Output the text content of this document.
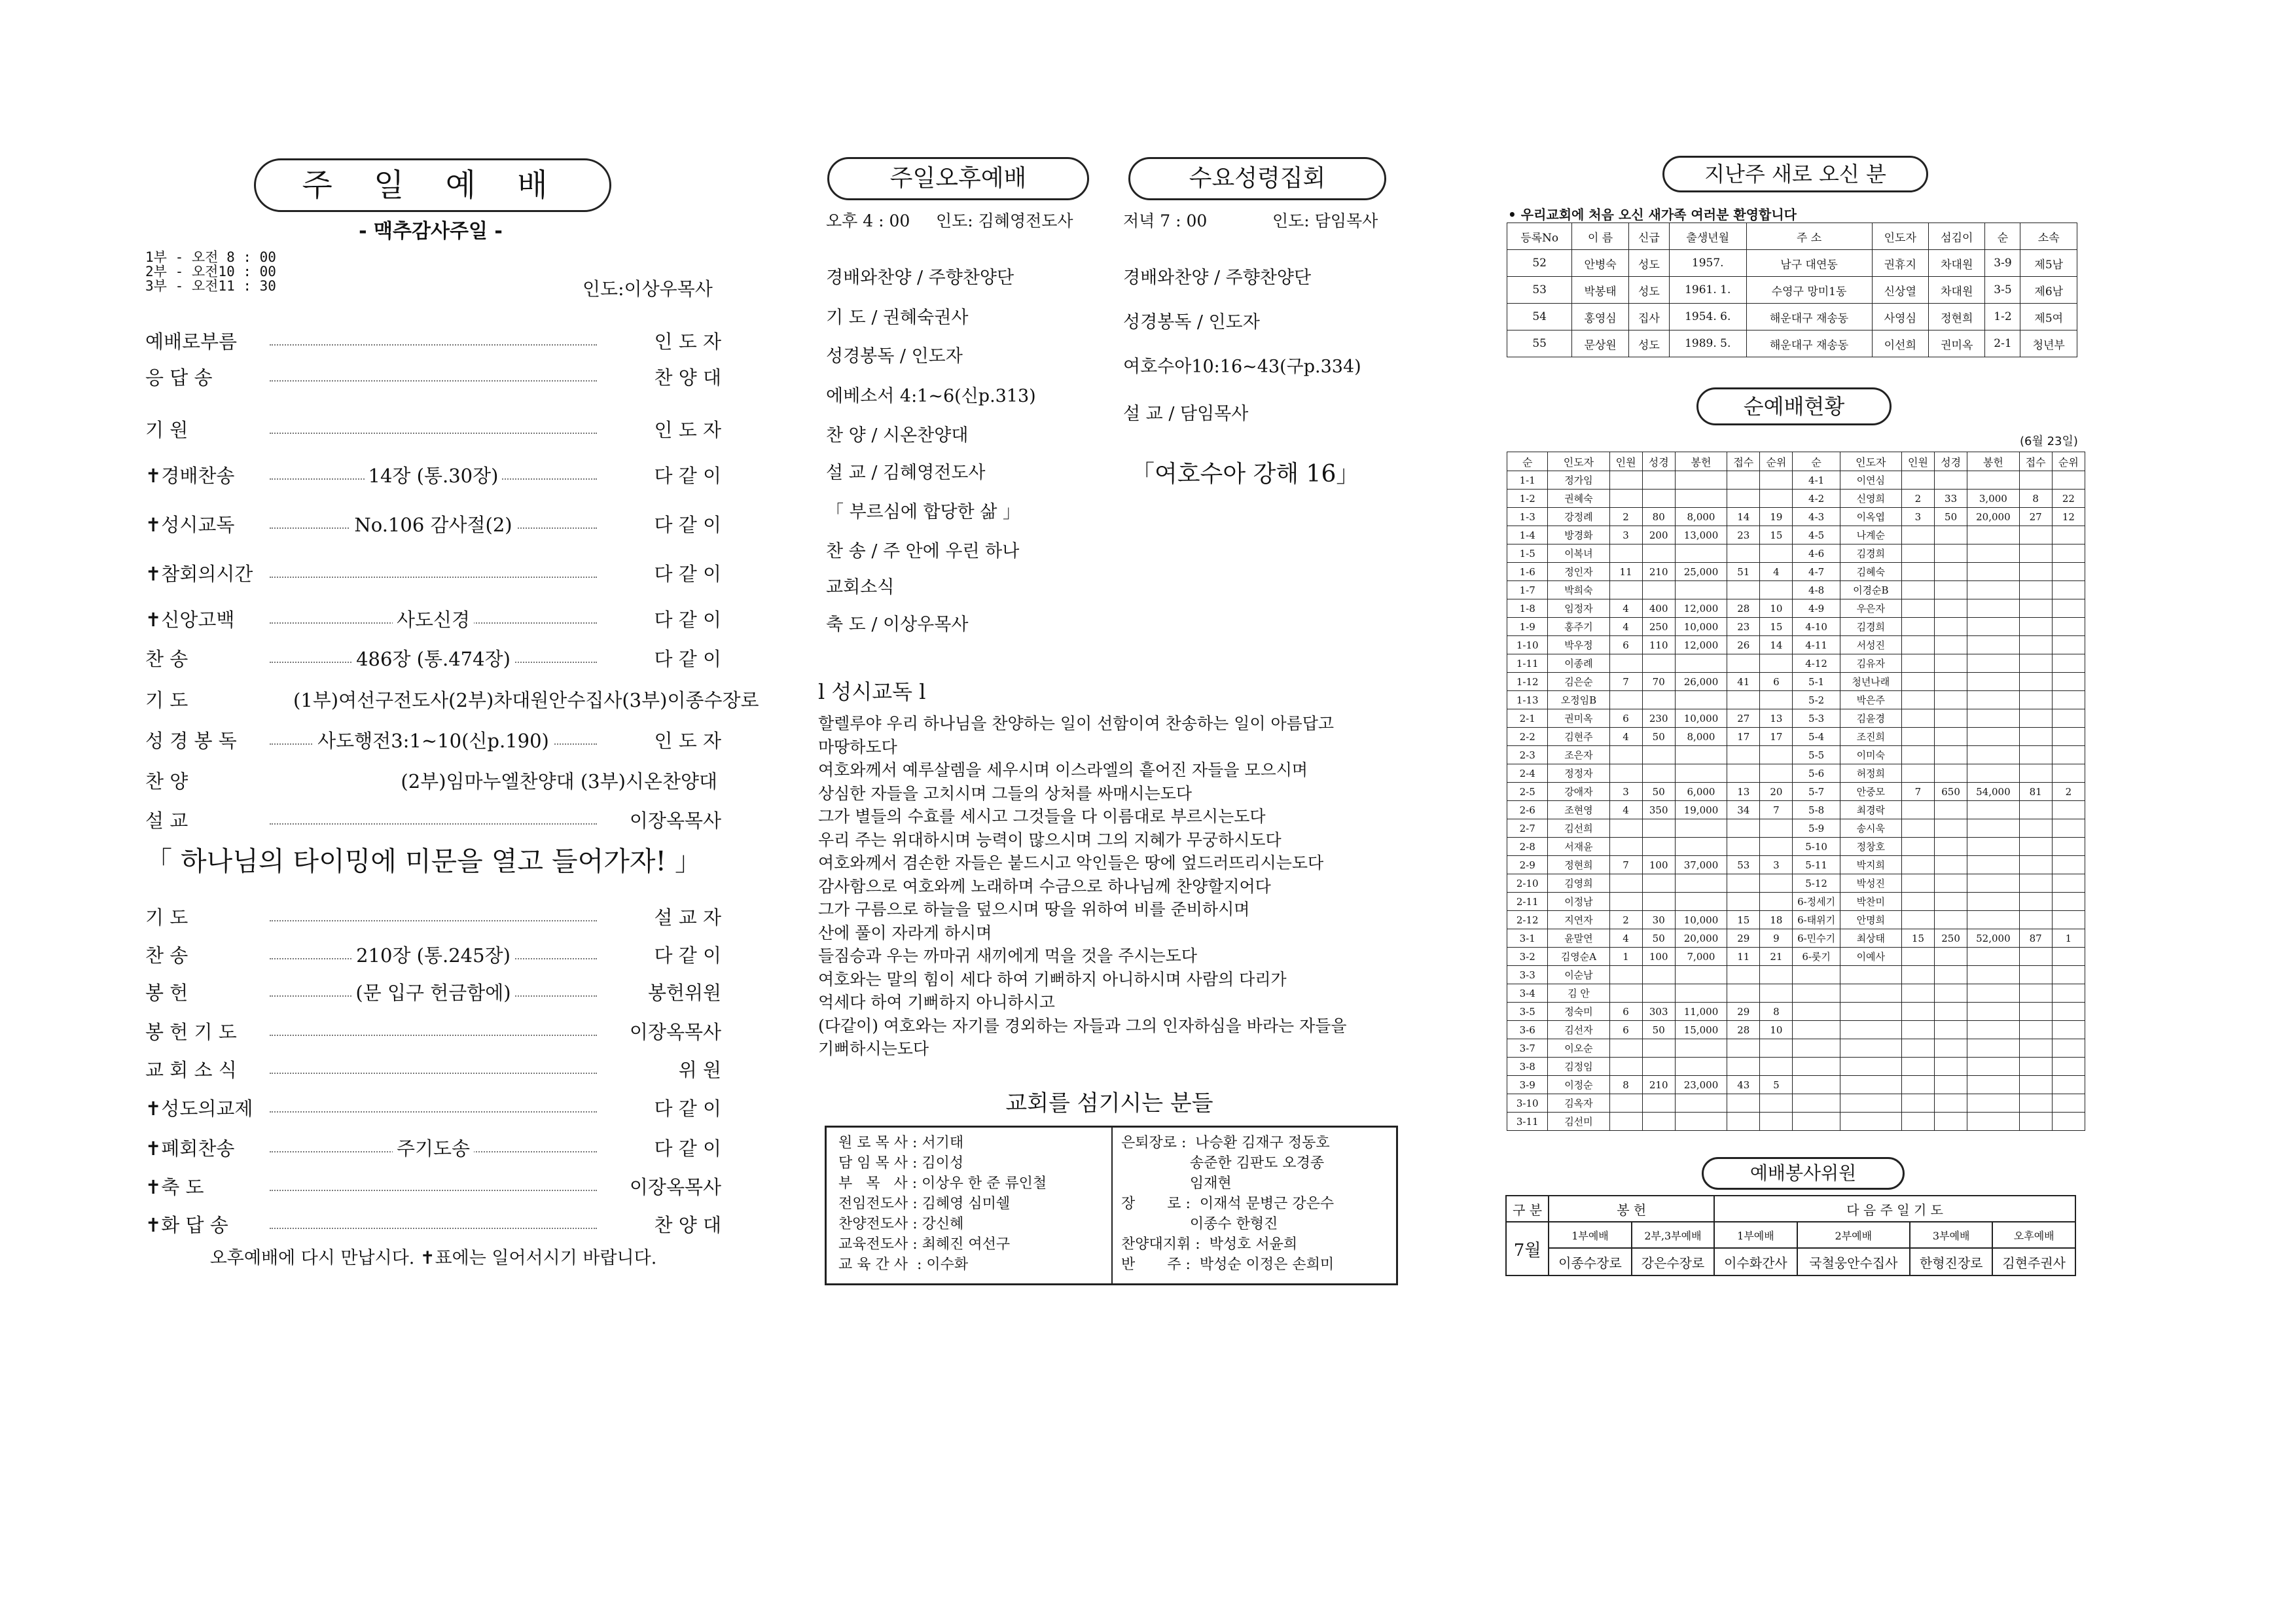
주 일 예 배
- 맥추감사주일 -
1부 - 오전 8 : 00
2부 - 오전10 : 00
3부 - 오전11 : 30	인도:이상우목사
예배로부름	인 도 자
응 답 송	찬 양 대
기 원	인 도 자
✝경배찬송	14장 (통.30장)	다 같 이
✝성시교독	No.106 감사절(2)	다 같 이
✝참회의시간	다 같 이
✝신앙고백	사도신경	다 같 이
찬 송	486장 (통.474장)	다 같 이
기 도	(1부)여선구전도사(2부)차대원안수집사(3부)이종수장로
성 경 봉 독	사도행전3:1~10(신p.190)	인 도 자
찬 양	(2부)임마누엘찬양대 (3부)시온찬양대
설 교	이장옥목사
「 하나님의 타이밍에 미문을 열고 들어가자! 」
기 도	설 교 자
찬 송	210장 (통.245장)	다 같 이
봉 헌	(문 입구 헌금함에)	봉헌위원
봉 헌 기 도	이장옥목사
교 회 소 식	위 원
✝성도의교제	다 같 이
✝폐회찬송	주기도송	다 같 이
✝축 도	이장옥목사
✝화 답 송	찬 양 대
오후예배에 다시 만납시다. ✝표에는 일어서시기 바랍니다.
주일오후예배	수요성령집회
오후 4 : 00 인도: 김혜영전도사	저녁 7 : 00	인도: 담임목사
경배와찬양 / 주향찬양단
기 도 / 권혜숙권사
성경봉독 / 인도자
에베소서 4:1~6(신p.313)
찬 양 / 시온찬양대
설 교 / 김혜영전도사
「 부르심에 합당한 삶 」
찬 송 / 주 안에 우린 하나
교회소식
축 도 / 이상우목사
경배와찬양 / 주향찬양단
성경봉독 / 인도자
여호수아10:16~43(구p.334)
설 교 / 담임목사
「여호수아 강해 16」
l 성시교독 l
할렐루야 우리 하나님을 찬양하는 일이 선함이여 찬송하는 일이 아름답고
마땅하도다
여호와께서 예루살렘을 세우시며 이스라엘의 흩어진 자들을 모으시며
상심한 자들을 고치시며 그들의 상처를 싸매시는도다
그가 별들의 수효를 세시고 그것들을 다 이름대로 부르시는도다
우리 주는 위대하시며 능력이 많으시며 그의 지혜가 무궁하시도다
여호와께서 겸손한 자들은 붙드시고 악인들은 땅에 엎드러뜨리시는도다
감사함으로 여호와께 노래하며 수금으로 하나님께 찬양할지어다
그가 구름으로 하늘을 덮으시며 땅을 위하여 비를 준비하시며
산에 풀이 자라게 하시며
들짐승과 우는 까마귀 새끼에게 먹을 것을 주시는도다
여호와는 말의 힘이 세다 하여 기뻐하지 아니하시며 사람의 다리가
억세다 하여 기뻐하지 아니하시고
(다같이) 여호와는 자기를 경외하는 자들과 그의 인자하심을 바라는 자들을
기뻐하시는도다
교회를 섬기시는 분들
원 로 목 사 : 서기태
담 임 목 사 : 김이성
부   목   사 : 이상우 한 준 류인철
전임전도사 : 김혜영 심미쉘
찬양전도사 : 강신혜
교육전도사 : 최혜진 여선구
교 육 간 사  : 이수화
은퇴장로 :  나승환 김재구 정동호
송준한 김판도 오경종
임재현
장       로 :  이재석 문병근 강은수
이종수 한형진
찬양대지휘 :  박성호 서윤희
반       주 :  박성순 이정은 손희미
지난주 새로 오신 분
• 우리교회에 처음 오신 새가족 여러분 환영합니다
등록No	이 름	신급	출생년월	주 소	인도자	섬김이	순	소속
52	안병숙	성도	1957.	남구 대연동	권휴지	차대원	3-9	제5남
53	박봉태	성도	1961. 1.	수영구 망미1동	신상열	차대원	3-5	제6남
54	홍영심	집사	1954. 6.	해운대구 재송동	사영심	정현희	1-2	제5여
55	문상원	성도	1989. 5.	해운대구 재송동	이선희	권미옥	2-1	청년부
순예배현황
(6월 23일)
순	인도자	인원	성경	봉헌	접수	순위	순	인도자	인원	성경	봉헌	접수	순위
1-1	정가임						4-1	이연심					
1-2	권혜숙						4-2	신영희	2	33	3,000	8	22
1-3	강정례	2	80	8,000	14	19	4-3	이옥엽	3	50	20,000	27	12
1-4	방경화	3	200	13,000	23	15	4-5	나계순					
1-5	이복녀						4-6	김경희					
1-6	정인자	11	210	25,000	51	4	4-7	김혜숙					
1-7	박희숙						4-8	이경순B					
1-8	임정자	4	400	12,000	28	10	4-9	우은자					
1-9	홍주기	4	250	10,000	23	15	4-10	김경희					
1-10	박우정	6	110	12,000	26	14	4-11	서성진					
1-11	이종례						4-12	김유자					
1-12	김은순	7	70	26,000	41	6	5-1	청년나래					
1-13	오정임B						5-2	박은주					
2-1	권미옥	6	230	10,000	27	13	5-3	김윤경					
2-2	김현주	4	50	8,000	17	17	5-4	조진희					
2-3	조은자						5-5	이미숙					
2-4	정정자						5-6	허정희					
2-5	강애자	3	50	6,000	13	20	5-7	안중모	7	650	54,000	81	2
2-6	조현영	4	350	19,000	34	7	5-8	최경락					
2-7	김선희						5-9	송시욱					
2-8	서재윤						5-10	정창호					
2-9	정현희	7	100	37,000	53	3	5-11	박지희					
2-10	김영희						5-12	박성진					
2-11	이정남						6-정세기	박찬미					
2-12	지연자	2	30	10,000	15	18	6-태위기	안명희					
3-1	윤말연	4	50	20,000	29	9	6-민수기	최상태	15	250	52,000	87	1
3-2	김영순A	1	100	7,000	11	21	6-룻기	이예사					
3-3	이순남												
3-4	김 안												
3-5	정숙미	6	303	11,000	29	8							
3-6	김선자	6	50	15,000	28	10							
3-7	이오순												
3-8	김정임												
3-9	이정순	8	210	23,000	43	5							
3-10	김옥자												
3-11	김선미												
예배봉사위원
구 분	봉 헌		다 음 주 일 기 도			
7월	1부예배	2부,3부예배	1부예배	2부예배	3부예배	오후예배
	이종수장로	강은수장로	이수화간사	국철웅안수집사	한형진장로	김현주권사
